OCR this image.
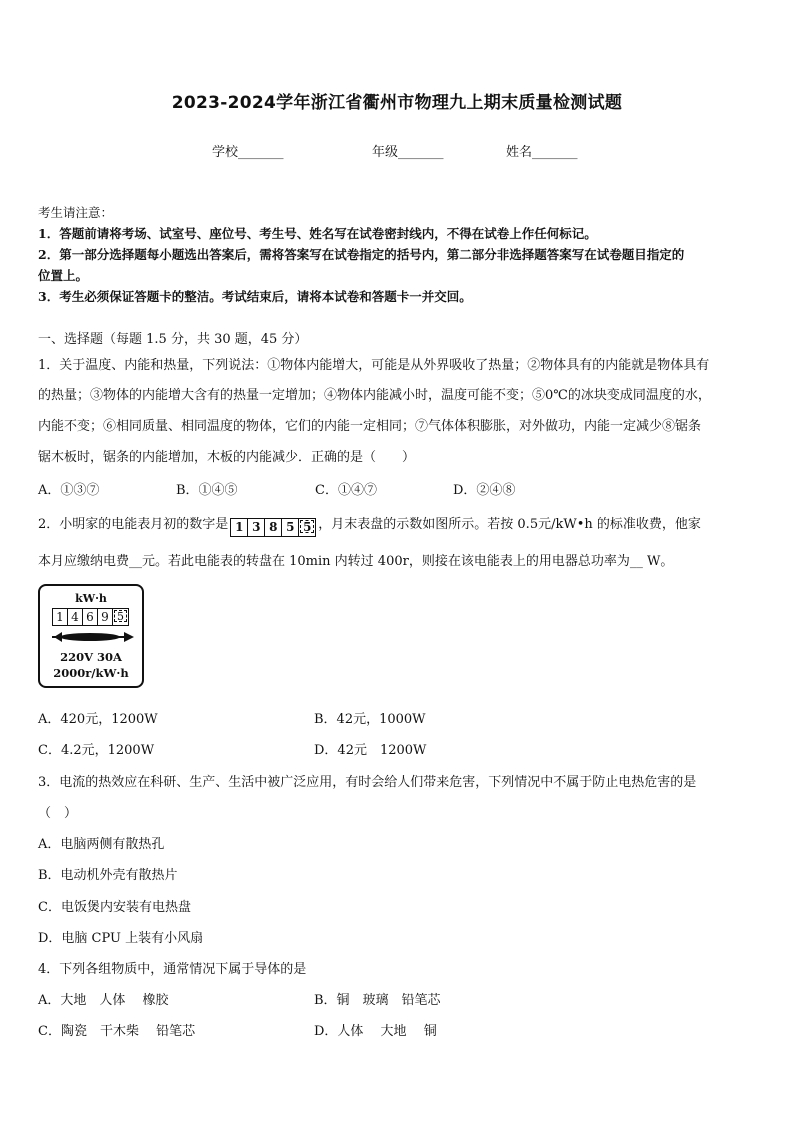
2023-2024学年浙江省衢州市物理九上期末质量检测试题
学校_______	年级_______	姓名_______
考生请注意：
1．答题前请将考场、试室号、座位号、考生号、姓名写在试卷密封线内，不得在试卷上作任何标记。
2．第一部分选择题每小题选出答案后，需将答案写在试卷指定的括号内，第二部分非选择题答案写在试卷题目指定的
位置上。
3．考生必须保证答题卡的整洁。考试结束后，请将本试卷和答题卡一并交回。
一、选择题（每题 1.5 分，共 30 题，45 分）
1．关于温度、内能和热量，下列说法：①物体内能增大，可能是从外界吸收了热量；②物体具有的内能就是物体具有
的热量；③物体的内能增大含有的热量一定增加；④物体内能减小时，温度可能不变；⑤0℃的冰块变成同温度的水，
内能不变；⑥相同质量、相同温度的物体，它们的内能一定相同；⑦气体体积膨胀，对外做功，内能一定减少⑧锯条
锯木板时，锯条的内能增加，木板的内能减少．正确的是（　　）
A．①③⑦	B．①④⑤	C．①④⑦	D．②④⑧
2．小明家的电能表月初的数字是 1 3 8 5 5 ，月末表盘的示数如图所示。若按 0.5元/kW•h 的标准收费，他家
本月应缴纳电费__元。若此电能表的转盘在 10min 内转过 400r，则接在该电能表上的用电器总功率为__ W。
kW·h
1 4 6 9 5
220V 30A
2000r/kW·h
A．420元，1200W	B．42元，1000W
C．4.2元，1200W	D．42元　1200W
3．电流的热效应在科研、生产、生活中被广泛应用，有时会给人们带来危害，下列情况中不属于防止电热危害的是
（　）
A．电脑两侧有散热孔
B．电动机外壳有散热片
C．电饭煲内安装有电热盘
D．电脑 CPU 上装有小风扇
4．下列各组物质中，通常情况下属于导体的是
A．大地　人体　 橡胶	B．铜　玻璃　铅笔芯
C．陶瓷　干木柴　 铅笔芯	D．人体　 大地　 铜
